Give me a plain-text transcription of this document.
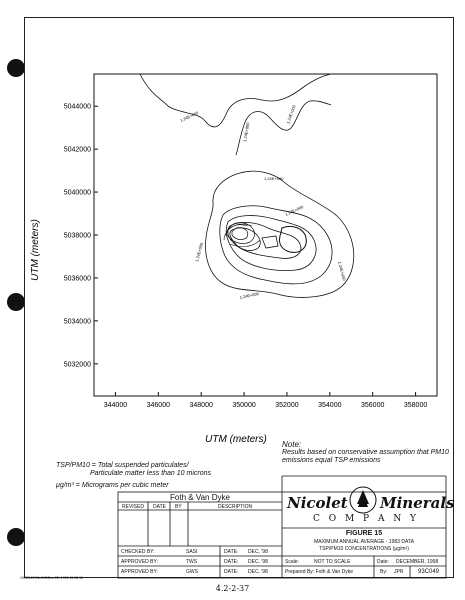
5032000
5034000
5036000
5038000
5040000
5042000
5044000
344000	346000	348000	350000	352000	354000	356000	358000
1.24E+000
1.24E+000
1.24E+000
1.24E+000
1.24E+000
1.24E+000
1.24E+000
1.24E+000
UTM (meters)
UTM (meters) Note:
Results based on conservative assumption that PM10 emissions equal TSP emissions
TSP/PM10 = Total suspended particulates/
Particulate matter less than 10 microns
μg/m³ = Micrograms per cubic meter
Foth & Van Dyke
REVISED DATE BY	DESCRIPTION
CHECKED BY:	SASI	DATE: DEC. '98
APPROVED BY:	TWS	DATE: DEC. '98
APPROVED BY:	GWS	DATE: DEC. '98
Nicolet Minerals
C O M P A N Y
FIGURE 15
MAXIMUM ANNUAL AVERAGE - 1983 DATA
TSP/PM10 CONCENTRATIONS (μg/m³)
Scale:	NOT TO SCALE	Date: DECEMBER, 1998
Prepared By: Foth & Van Dyke	By: JPR 93C049
193C049\93c049\Dec 28, 1998 15:38:10
4.2-2-37
